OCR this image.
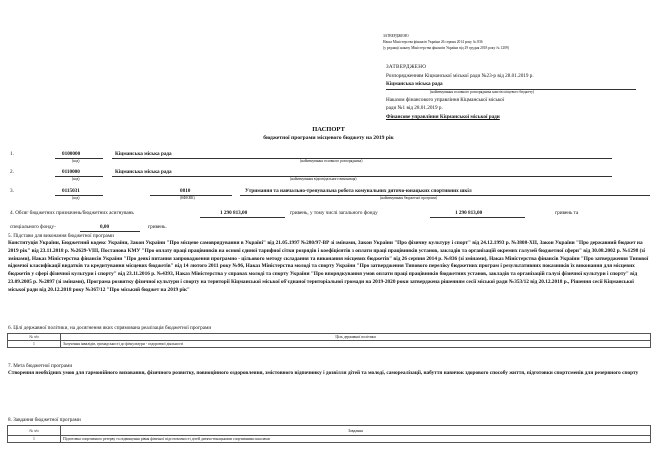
ЗАТВЕРДЖЕНО
Наказ Міністерства фінансів України 26 серпня 2014 року № 836
(у редакції наказу Міністерства фінансів України від 29 грудня 2018 року № 1209)
ЗАТВЕРДЖЕНО
Розпорядженням Кіцманської міської ради №23-р від 28.01.2019 р.
Кіцманська міська рада
(найменування головного розпорядника коштів місцевого бюджету)
Наказом фінансового управління Кіцманської міської
ради №1 від 28.01.2019 р.
Фінансове управління Кіцманської міської ради
ПАСПОРТ
бюджетної програми місцевого бюджету на 2019 рік
1.	0100000	Кіцманська міська рада
(код)	(найменування головного розпорядника)
2.	0110000	Кіцманська міська рада
(код)	(найменування відповідального виконавця)
3.	0115031	0810	Утримання та навчально-тренувальна робота комунальних дитячо-юнацьких спортивних шкіл
(код)	(КФКВК)	(найменування бюджетної програми)
4. Обсяг бюджетних призначень/бюджетних асигнувань	1 290 813,00	гривень, у тому числі загального фонду	1 290 813,00	гривень та
спеціального фонду-	0,00	гривень.
5. Підстави для виконання бюджетної програми
Конституція України, Бюджетний кодекс України, Закон України "Про місцеве самоврядування в Україні" від 21.05.1997 №280/97-ВР зі змінами, Закон України "Про фізичну культуру і спорт" від 24.12.1993 р. №3808-XII, Закон України "Про державний бюджет на 2019 рік" від 23.11.2018 р. №2629-VIII, Постанова КМУ "Про оплату праці працівників на основі єдиної тарифної сітки розрядів і коефіцієнтів з оплати праці працівників установ, закладів та організацій окремих галузей бюджетної сфери" від 30.08.2002 р. №1298 (зі змінами), Наказ Міністерства фінансів України "Про деякі питання запровадження програмно - цільового методу складання та виконання місцевих бюджетів" від 26 серпня 2014 р. №836 (зі змінами), Наказ Міністерства фінансів України "Про затвердження Типової відомчої класифікації видатків та кредитування місцевих бюджетів" від 14 лютого 2011 року №96, Наказ Міністерства молоді та спорту України "Про затвердження Типового переліку бюджетних програм і результативних показників їх виконання для місцевих бюджетів у сфері фізичної культури і спорту" від 23.11.2016 р. №4393, Наказ Міністерства у справах молоді та спорту України "Про впорядкування умов оплати праці працівників бюджетних установ, закладів та організацій галузі фізичної культури і спорту" від 23.09.2005 р. №2097 (зі змінами), Програма розвитку фізичної культури і спорту на території Кіцманської міської об'єднаної територіальної громади на 2019-2020 роки затверджена рішенням сесії міської ради №353/12 від 20.12.2018 р., Рішення сесії Кіцманської міської ради від 20.12.2018 року №367/12 "Про міський бюджет на 2019 рік"
6. Цілі державної політики, на досягнення яких спрямована реалізація бюджетної програми
№ з/п	Ціль державної політики
1	Залучення інвалідів, громадськості до фізкультури - оздоровчої діяльності
7. Мета бюджетної програми
Створення необхідних умов для гармонійного виховання, фізичного розвитку, повноцінного оздоровлення, змістовного відпочинку і дозвілля дітей та молоді, самореалізації, набуття навичок здорового способу життя, підготовки спортсменів для резервного спорту
8. Завдання бюджетної програми
№ з/п	Завдання
1	Підготовка спортивного резерву та підвищення рівня фізичної підготовленості дітей дитячо-юнацькими спортивними школами
